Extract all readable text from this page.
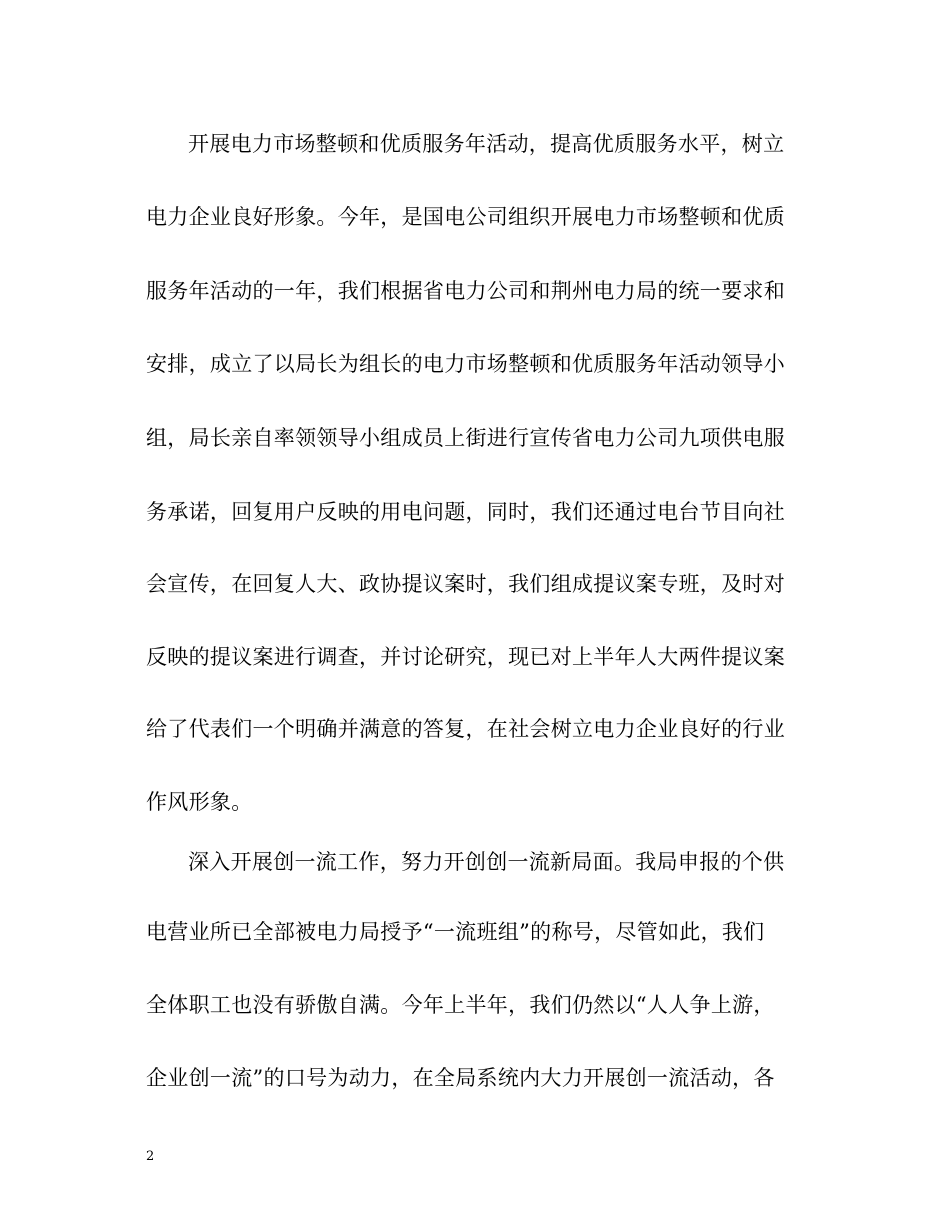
开展电力市场整顿和优质服务年活动，提高优质服务水平，树立
电力企业良好形象。今年，是国电公司组织开展电力市场整顿和优质
服务年活动的一年，我们根据省电力公司和荆州电力局的统一要求和
安排，成立了以局长为组长的电力市场整顿和优质服务年活动领导小
组，局长亲自率领领导小组成员上街进行宣传省电力公司九项供电服
务承诺，回复用户反映的用电问题，同时，我们还通过电台节目向社
会宣传，在回复人大、政协提议案时，我们组成提议案专班，及时对
反映的提议案进行调查，并讨论研究，现已对上半年人大两件提议案
给了代表们一个明确并满意的答复，在社会树立电力企业良好的行业
作风形象。
深入开展创一流工作，努力开创创一流新局面。我局申报的个供
电营业所已全部被电力局授予“一流班组”的称号，尽管如此，我们
全体职工也没有骄傲自满。今年上半年，我们仍然以“人人争上游，
企业创一流”的口号为动力，在全局系统内大力开展创一流活动，各
2
